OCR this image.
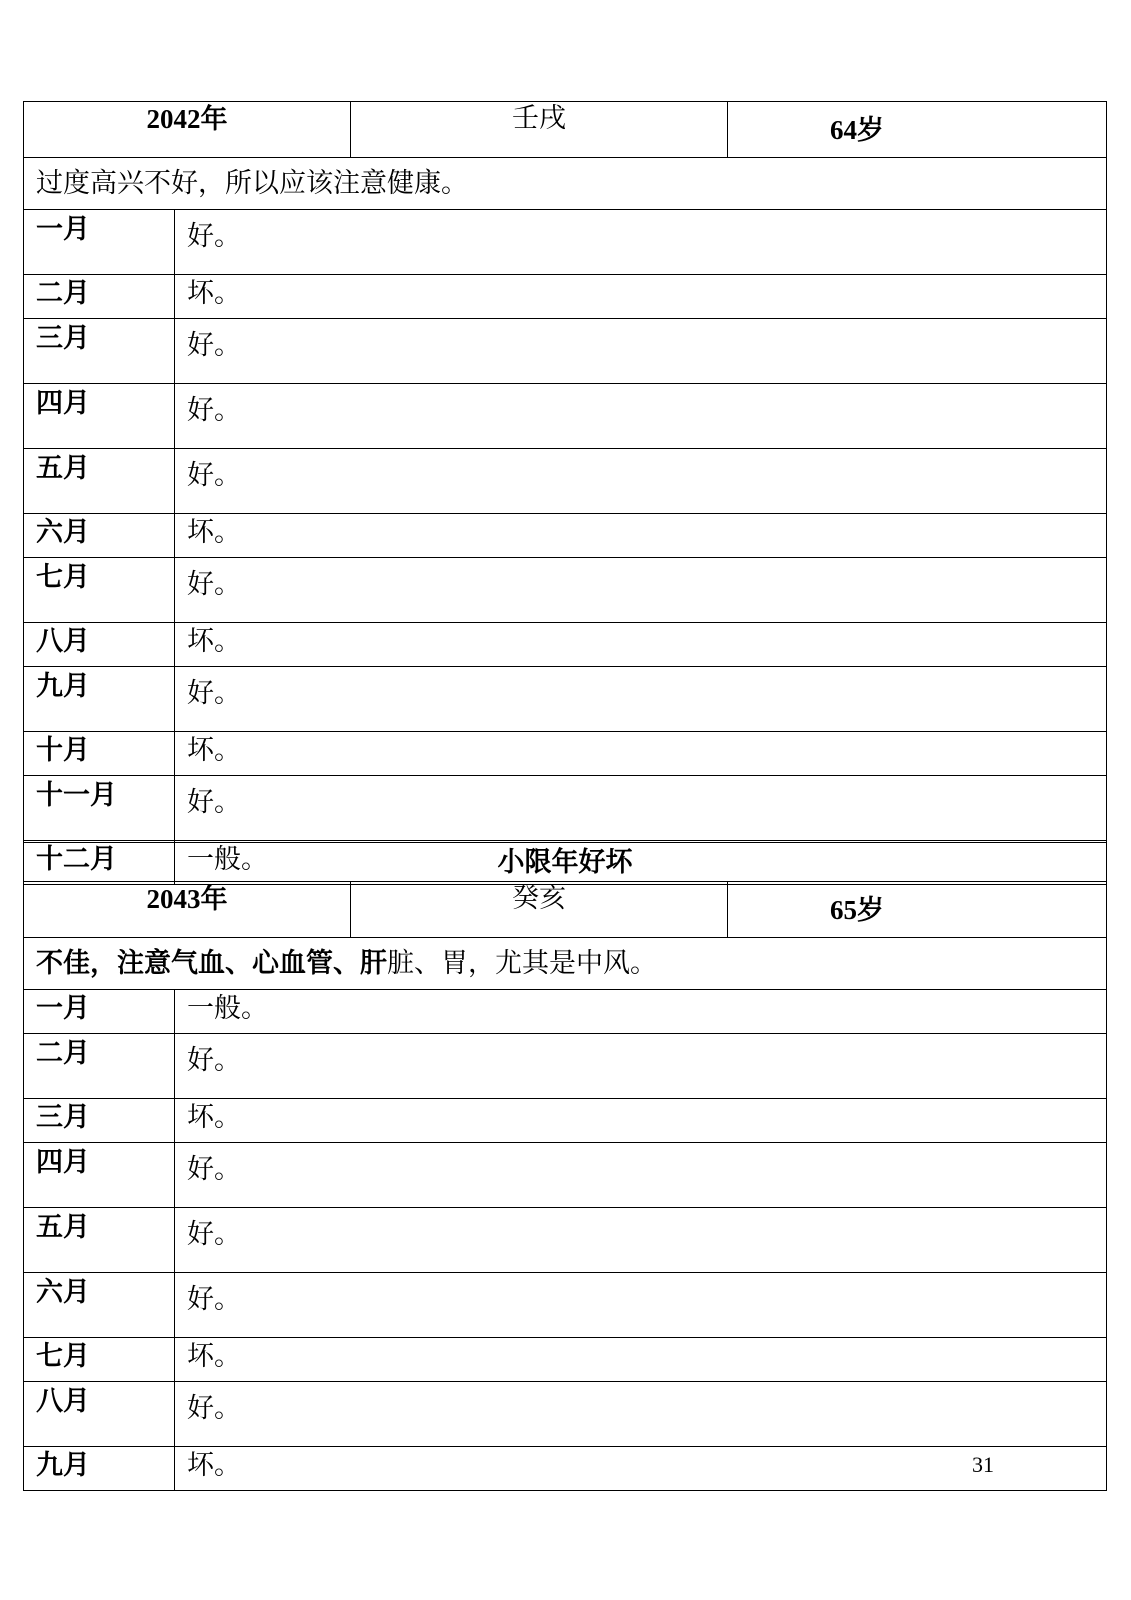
2042年		壬戌	64岁
过度高兴不好，所以应该注意健康。			
一月	好。		
二月	坏。		
三月	好。		
四月	好。		
五月	好。		
六月	坏。		
七月	好。		
八月	坏。		
九月	好。		
十月	坏。		
十一月	好。		
十二月	一般。			小限年好坏			
2043年		癸亥	65岁
不佳，注意气血、心血管、肝脏、胃，尤其是中风。			
一月	一般。		
二月	好。		
三月	坏。		
四月	好。		
五月	好。		
六月	好。		
七月	坏。		
八月	好。		
九月	坏。			31
